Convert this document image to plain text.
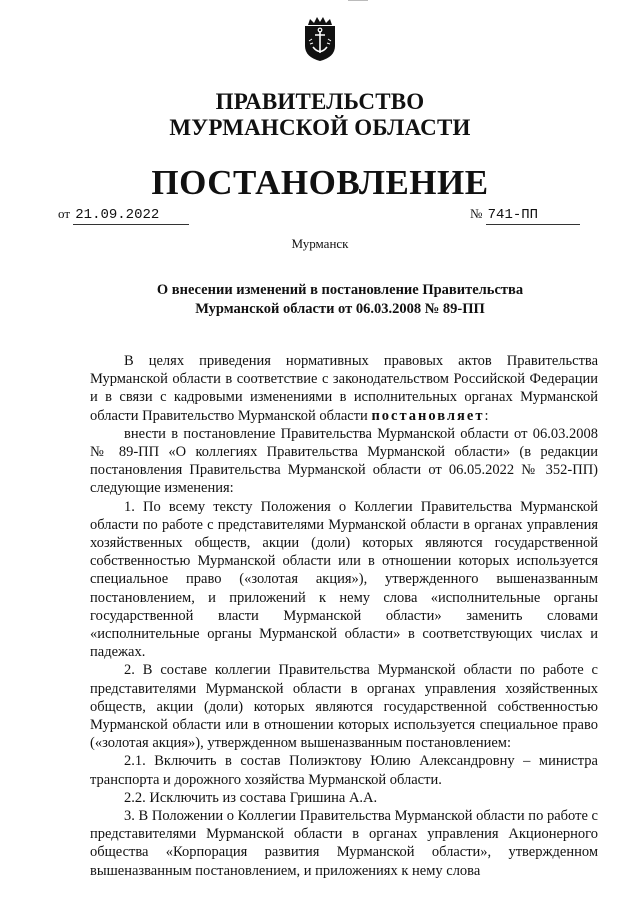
ПРАВИТЕЛЬСТВО
МУРМАНСКОЙ ОБЛАСТИ
ПОСТАНОВЛЕНИЕ
от 21.09.2022	№ 741-ПП
Мурманск
О внесении изменений в постановление Правительства
Мурманской области от 06.03.2008 № 89-ПП

В целях приведения нормативных правовых актов Правительства Мурманской области в соответствие с законодательством Российской Федерации и в связи с кадровыми изменениями в исполнительных органах Мурманской области Правительство Мурманской области постановляет:

внести в постановление Правительства Мурманской области от 06.03.2008 № 89-ПП «О коллегиях Правительства Мурманской области» (в редакции постановления Правительства Мурманской области от 06.05.2022 № 352-ПП) следующие изменения:

1. По всему тексту Положения о Коллегии Правительства Мурманской области по работе с представителями Мурманской области в органах управления хозяйственных обществ, акции (доли) которых являются государственной собственностью Мурманской области или в отношении которых используется специальное право («золотая акция»), утвержденного вышеназванным постановлением, и приложений к нему слова «исполнительные органы государственной власти Мурманской области» заменить словами «исполнительные органы Мурманской области» в соответствующих числах и падежах.

2. В составе коллегии Правительства Мурманской области по работе с представителями Мурманской области в органах управления хозяйственных обществ, акции (доли) которых являются государственной собственностью Мурманской области или в отношении которых используется специальное право («золотая акция»), утвержденном вышеназванным постановлением:

2.1. Включить в состав Полиэктову Юлию Александровну – министра транспорта и дорожного хозяйства Мурманской области.

2.2. Исключить из состава Гришина А.А.

3. В Положении о Коллегии Правительства Мурманской области по работе с представителями Мурманской области в органах управления Акционерного общества «Корпорация развития Мурманской области», утвержденном вышеназванным постановлением, и приложениях к нему слова
